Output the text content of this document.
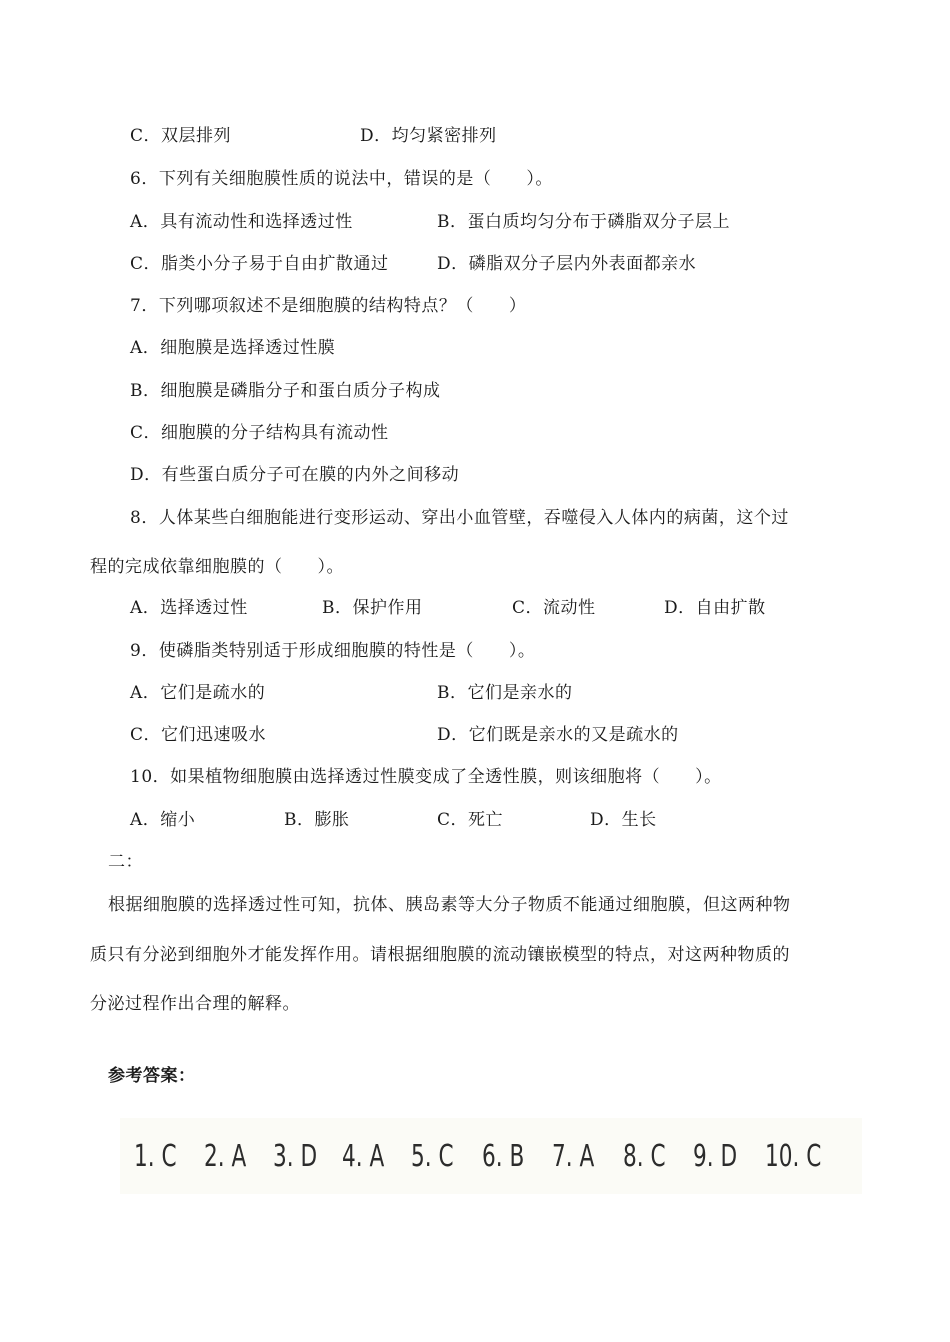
C．双层排列	D．均匀紧密排列
6．下列有关细胞膜性质的说法中，错误的是（　　）。
A．具有流动性和选择透过性	B．蛋白质均匀分布于磷脂双分子层上
C．脂类小分子易于自由扩散通过	D．磷脂双分子层内外表面都亲水
7．下列哪项叙述不是细胞膜的结构特点？（　　）
A．细胞膜是选择透过性膜
B．细胞膜是磷脂分子和蛋白质分子构成
C．细胞膜的分子结构具有流动性
D．有些蛋白质分子可在膜的内外之间移动
8．人体某些白细胞能进行变形运动、穿出小血管壁，吞噬侵入人体内的病菌，这个过
程的完成依靠细胞膜的（　　）。
A．选择透过性	B．保护作用	C．流动性	D．自由扩散
9．使磷脂类特别适于形成细胞膜的特性是（　　）。
A．它们是疏水的	B．它们是亲水的
C．它们迅速吸水	D．它们既是亲水的又是疏水的
10．如果植物细胞膜由选择透过性膜变成了全透性膜，则该细胞将（　　）。
A．缩小	B．膨胀	C．死亡	D．生长
二：
根据细胞膜的选择透过性可知，抗体、胰岛素等大分子物质不能通过细胞膜，但这两种物
质只有分泌到细胞外才能发挥作用。请根据细胞膜的流动镶嵌模型的特点，对这两种物质的
分泌过程作出合理的解释。
参考答案：
1. C 2. A 3. D 4. A 5. C 6. B 7. A 8. C 9. D 10. C
